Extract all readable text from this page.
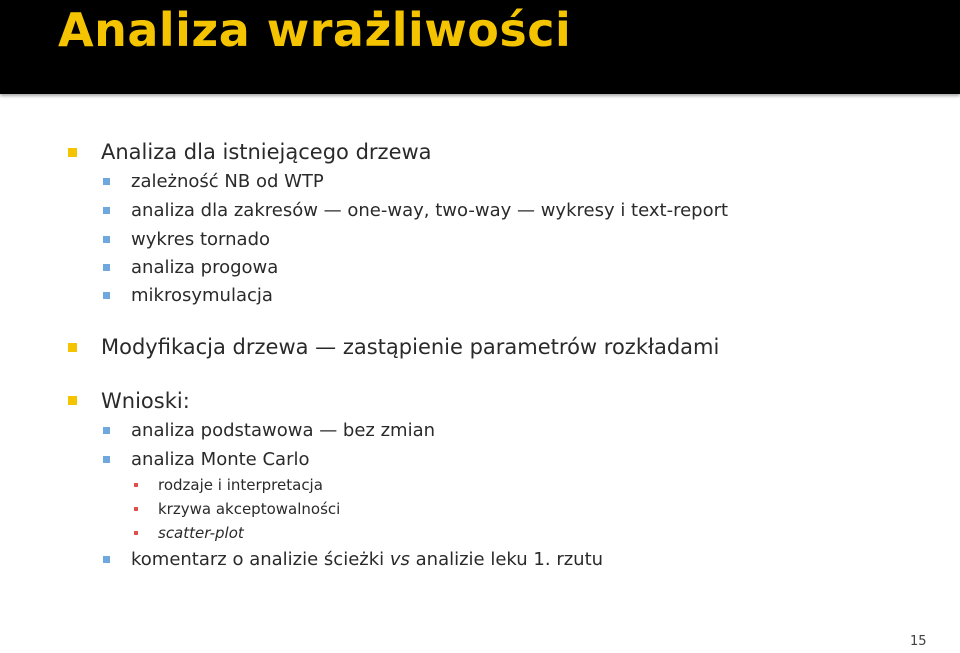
Analiza wrażliwości
Analiza dla istniejącego drzewa
zależność NB od WTP
analiza dla zakresów — one-way, two-way — wykresy i text-report
wykres tornado
analiza progowa
mikrosymulacja
Modyfikacja drzewa — zastąpienie parametrów rozkładami
Wnioski:
analiza podstawowa — bez zmian
analiza Monte Carlo
rodzaje i interpretacja
krzywa akceptowalności
scatter-plot
komentarz o analizie ścieżki vs analizie leku 1. rzutu
15
